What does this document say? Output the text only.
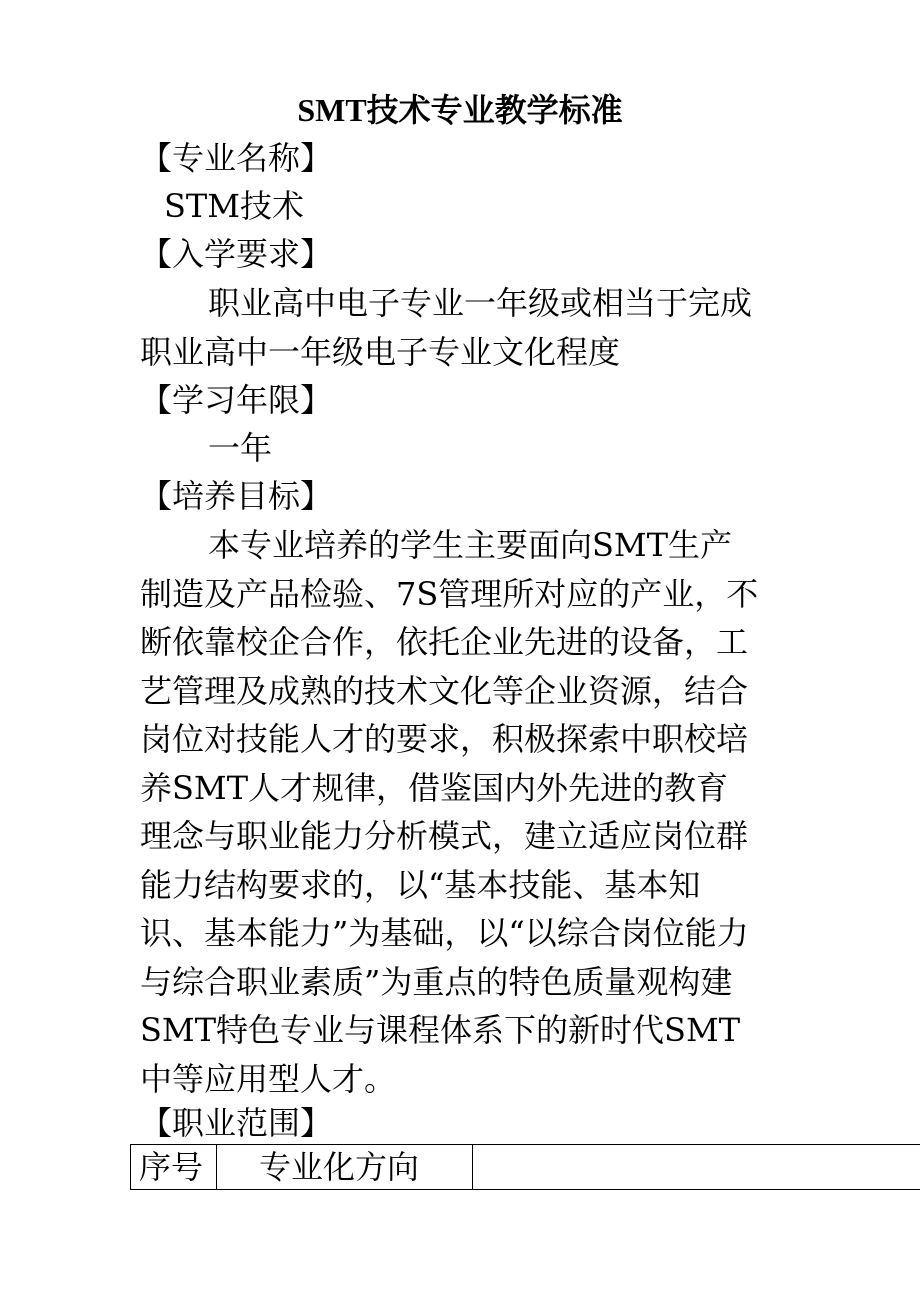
SMT技术专业教学标准
【专业名称】
STM技术
【入学要求】
职业高中电子专业一年级或相当于完成职业高中一年级电子专业文化程度
【学习年限】
一年
【培养目标】
本专业培养的学生主要面向SMT生产制造及产品检验、7S管理所对应的产业，不断依靠校企合作，依托企业先进的设备，工艺管理及成熟的技术文化等企业资源，结合岗位对技能人才的要求，积极探索中职校培养SMT人才规律，借鉴国内外先进的教育理念与职业能力分析模式，建立适应岗位群能力结构要求的，以“基本技能、基本知识、基本能力”为基础，以“以综合岗位能力与综合职业素质”为重点的特色质量观构建SMT特色专业与课程体系下的新时代SMT中等应用型人才。
【职业范围】
序号	专业化方向
